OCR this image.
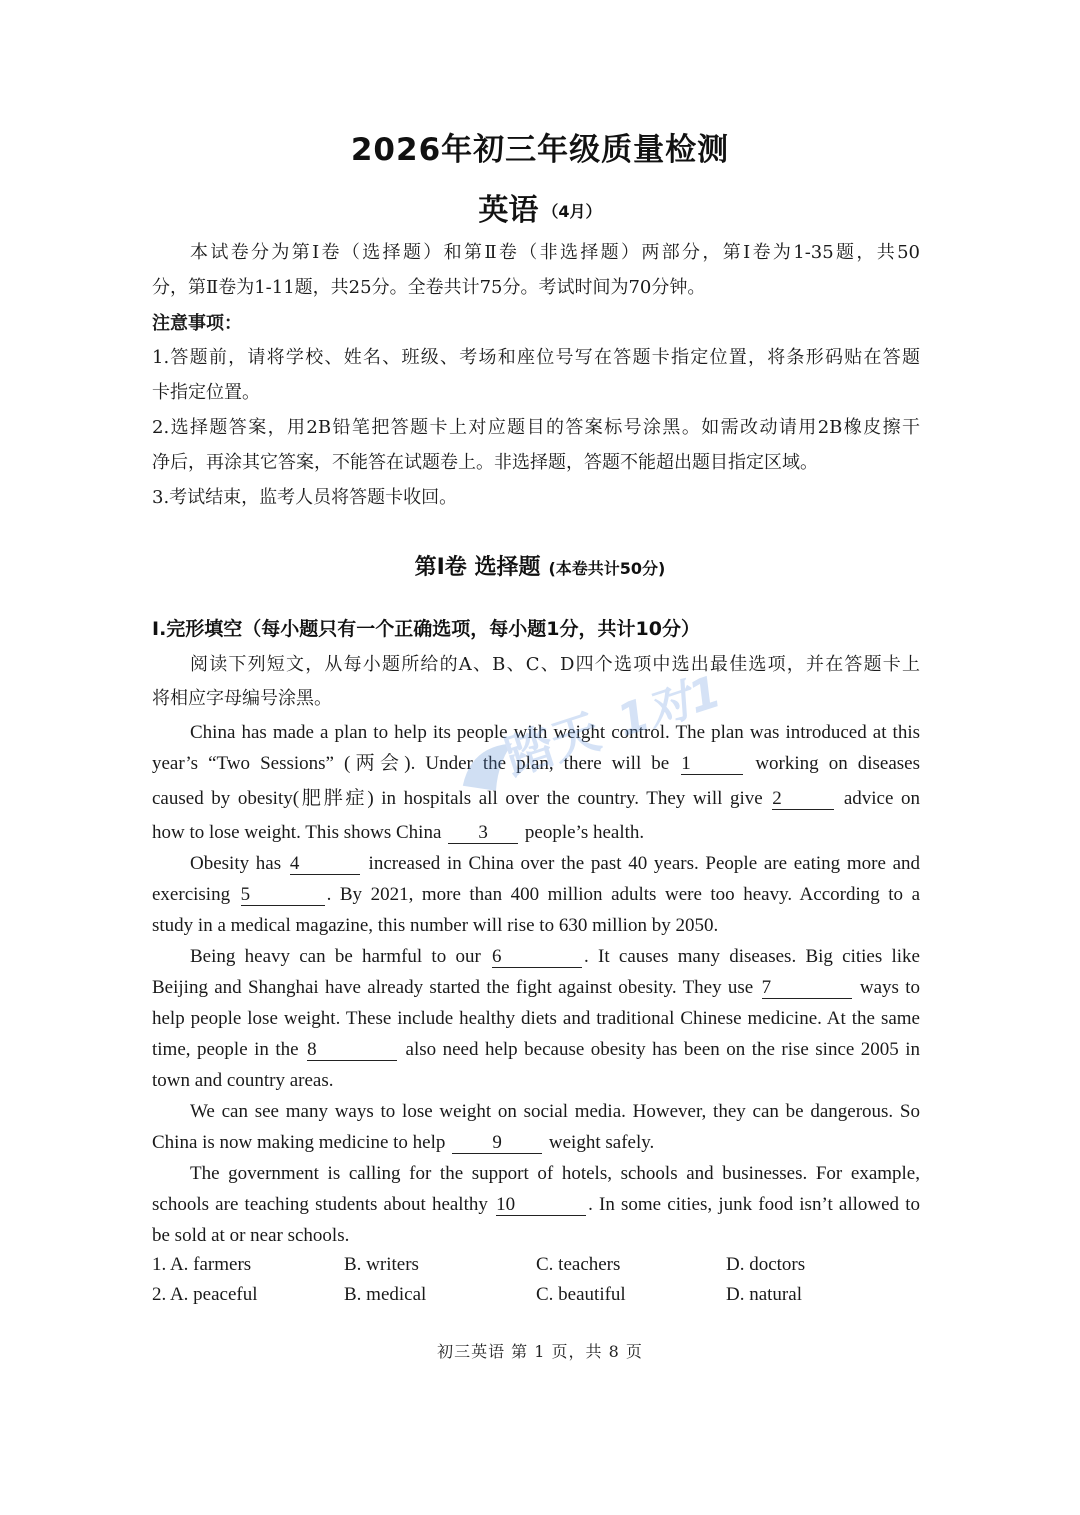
2026年初三年级质量检测
英语 （4月）
本试卷分为第Ⅰ卷（选择题）和第Ⅱ卷（非选择题）两部分，第Ⅰ卷为1-35题，共50
分，第Ⅱ卷为1-11题，共25分。全卷共计75分。考试时间为70分钟。
注意事项：
1.答题前，请将学校、姓名、班级、考场和座位号写在答题卡指定位置，将条形码贴在答题
卡指定位置。
2.选择题答案，用2B铅笔把答题卡上对应题目的答案标号涂黑。如需改动请用2B橡皮擦干
净后，再涂其它答案，不能答在试题卷上。非选择题，答题不能超出题目指定区域。
3.考试结束，监考人员将答题卡收回。
第Ⅰ卷 选择题 (本卷共计50分)
I.完形填空（每小题只有一个正确选项，每小题1分，共计10分）
阅读下列短文，从每小题所给的A、B、C、D四个选项中选出最佳选项，并在答题卡上
将相应字母编号涂黑。
China has made a plan to help its people with weight control. The plan was introduced at this
year’s “Two Sessions” (两会). Under the plan, there will be 1	working on diseases
caused by obesity(肥胖症) in hospitals all over the country. They will give 2	advice on
how to lose weight. This shows China 3 people’s health.
Obesity has 4	increased in China over the past 40 years. People are eating more and
exercising 5	. By 2021, more than 400 million adults were too heavy. According to a
study in a medical magazine, this number will rise to 630 million by 2050.
Being heavy can be harmful to our 6	. It causes many diseases. Big cities like
Beijing and Shanghai have already started the fight against obesity. They use 7	ways to
help people lose weight. These include healthy diets and traditional Chinese medicine. At the same
time, people in the 8	also need help because obesity has been on the rise since 2005 in
town and country areas.
We can see many ways to lose weight on social media. However, they can be dangerous. So
China is now making medicine to help 9 weight safely.
The government is calling for the support of hotels, schools and businesses. For example,
schools are teaching students about healthy 10	. In some cities, junk food isn’t allowed to
be sold at or near schools.
1. A. farmers	B. writers	C. teachers	D. doctors
2. A. peaceful	B. medical	C. beautiful	D. natural
初三英语 第 1 页，共 8 页
踏天 1对1
